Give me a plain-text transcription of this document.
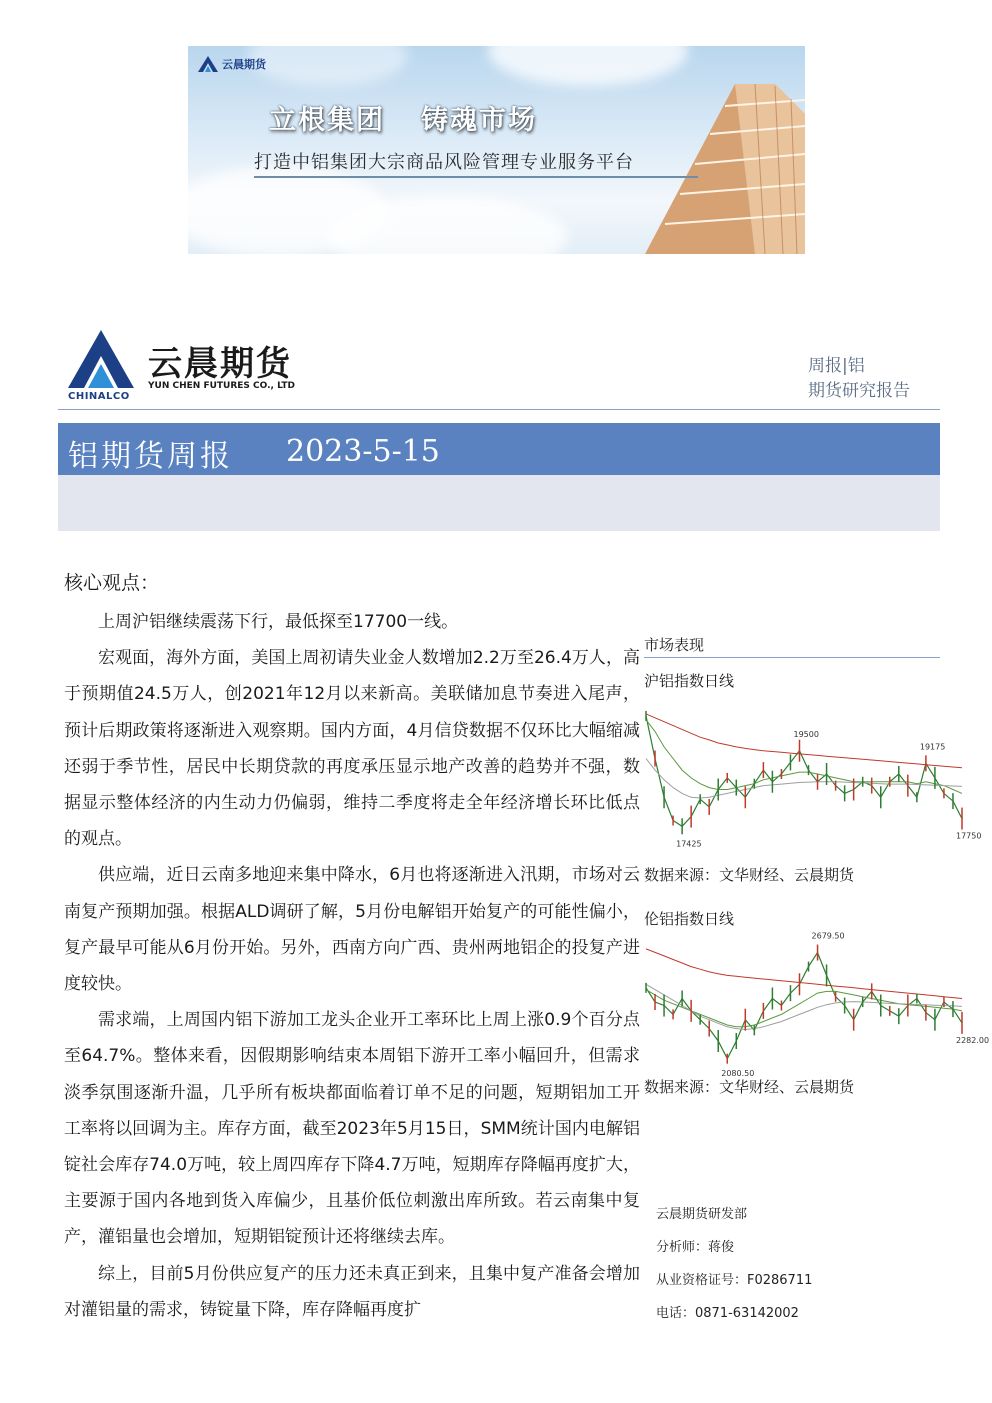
云晨期货
立根集团 铸魂市场
打造中铝集团大宗商品风险管理专业服务平台
CHINALCO
云晨期货
YUN CHEN FUTURES CO., LTD
周报|铝
期货研究报告
铝期货周报 2023-5-15
核心观点：

上周沪铝继续震荡下行，最低探至17700一线。

宏观面，海外方面，美国上周初请失业金人数增加2.2万至26.4万人，高于预期值24.5万人，创2021年12月以来新高。美联储加息节奏进入尾声，预计后期政策将逐渐进入观察期。国内方面，4月信贷数据不仅环比大幅缩减还弱于季节性，居民中长期贷款的再度承压显示地产改善的趋势并不强，数据显示整体经济的内生动力仍偏弱，维持二季度将走全年经济增长环比低点的观点。

供应端，近日云南多地迎来集中降水，6月也将逐渐进入汛期，市场对云南复产预期加强。根据ALD调研了解，5月份电解铝开始复产的可能性偏小，复产最早可能从6月份开始。另外，西南方向广西、贵州两地铝企的投复产进度较快。

需求端，上周国内铝下游加工龙头企业开工率环比上周上涨0.9个百分点至64.7%。整体来看，因假期影响结束本周铝下游开工率小幅回升，但需求淡季氛围逐渐升温，几乎所有板块都面临着订单不足的问题，短期铝加工开工率将以回调为主。库存方面，截至2023年5月15日，SMM统计国内电解铝锭社会库存74.0万吨，较上周四库存下降4.7万吨，短期库存降幅再度扩大，主要源于国内各地到货入库偏少，且基价低位刺激出库所致。若云南集中复产，灌铝量也会增加，短期铝锭预计还将继续去库。

综上，目前5月份供应复产的压力还未真正到来，且集中复产准备会增加对灌铝量的需求，铸锭量下降，库存降幅再度扩

市场表现
沪铝指数日线
19500
19175
17425
17750
数据来源：文华财经、云晨期货
伦铝指数日线
2679.50
2080.50
2282.00
数据来源：文华财经、云晨期货
云晨期货研发部
分析师：蒋俊
从业资格证号：F0286711
电话：0871-63142002
